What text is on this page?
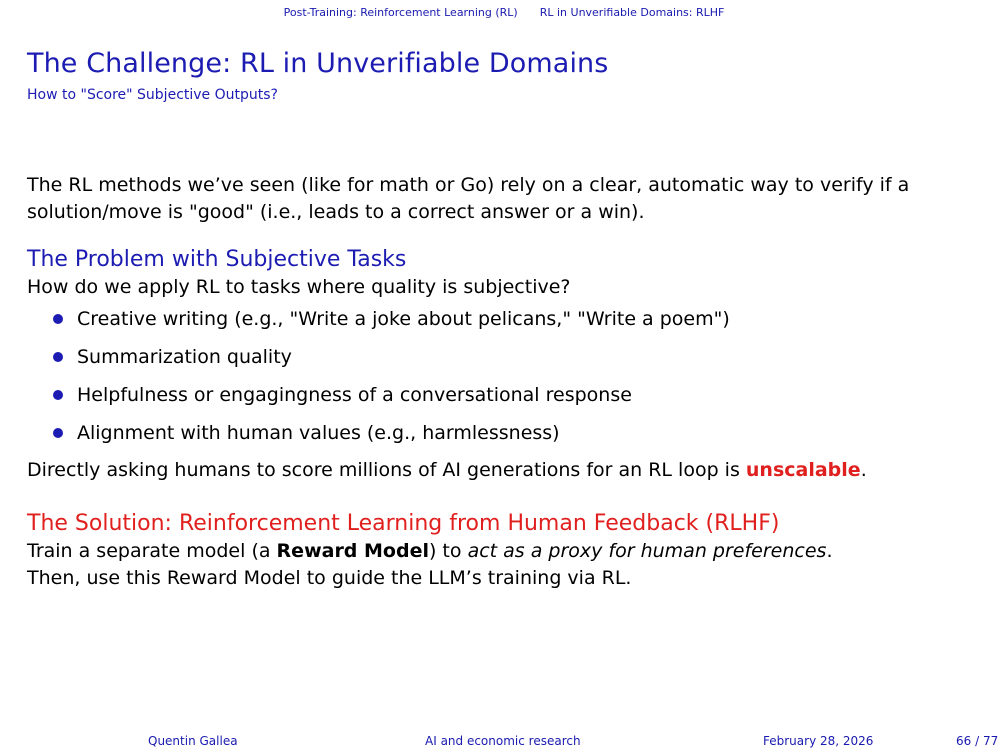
Post-Training: Reinforcement Learning (RL) RL in Unverifiable Domains: RLHF
The Challenge: RL in Unverifiable Domains
How to "Score" Subjective Outputs?

The RL methods we’ve seen (like for math or Go) rely on a clear, automatic way to verify if a solution/move is "good" (i.e., leads to a correct answer or a win).

The Problem with Subjective Tasks

How do we apply RL to tasks where quality is subjective?

Creative writing (e.g., "Write a joke about pelicans," "Write a poem")
Summarization quality
Helpfulness or engagingness of a conversational response
Alignment with human values (e.g., harmlessness)

Directly asking humans to score millions of AI generations for an RL loop is unscalable.

The Solution: Reinforcement Learning from Human Feedback (RLHF)

Train a separate model (a Reward Model) to act as a proxy for human preferences.

Then, use this Reward Model to guide the LLM’s training via RL.

Quentin Gallea	AI and economic research	February 28, 2026	66 / 77
